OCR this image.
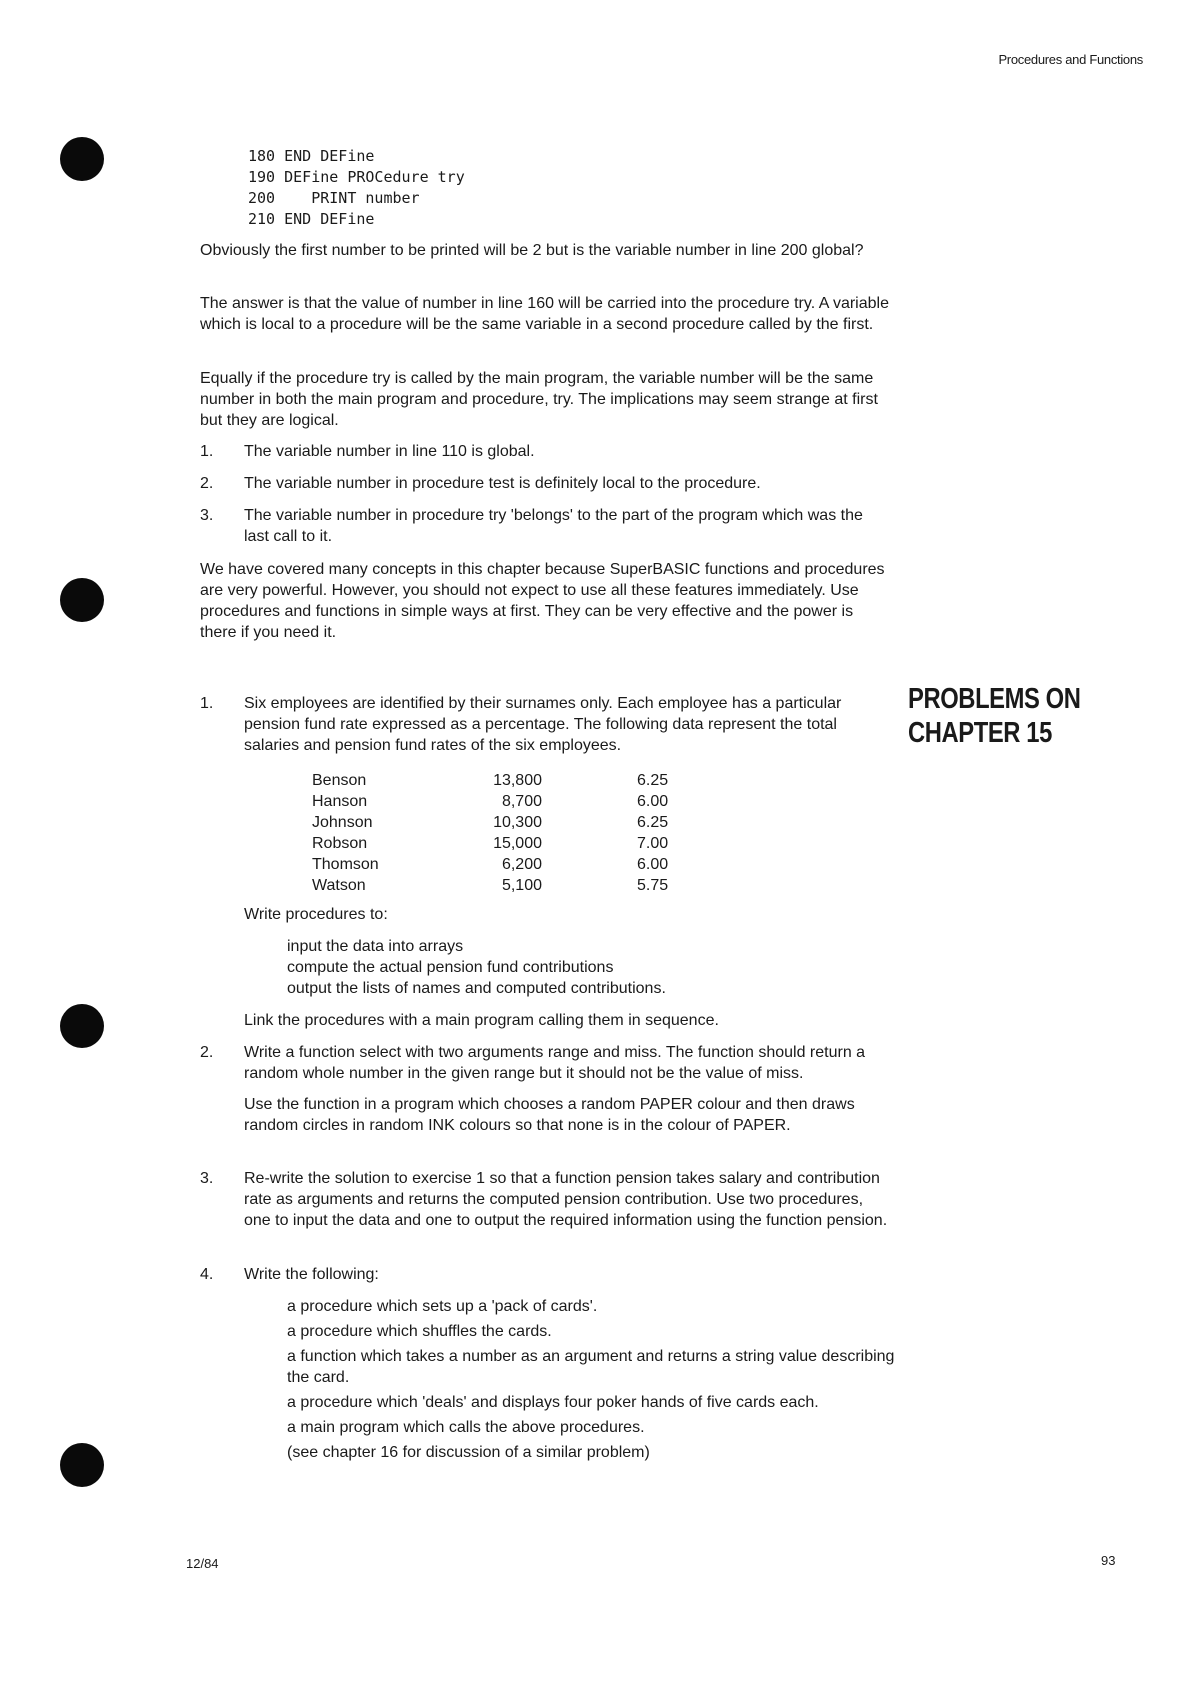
Procedures and Functions
180 END DEFine
190 DEFine PROCedure try
200    PRINT number
210 END DEFine
Obviously the first number to be printed will be 2 but is the variable number in line 200 global?
The answer is that the value of number in line 160 will be carried into the procedure try. A variable which is local to a procedure will be the same variable in a second procedure called by the first.
Equally if the procedure try is called by the main program, the variable number will be the same number in both the main program and procedure, try. The implications may seem strange at first but they are logical.
1.	The variable number in line 110 is global.
2.	The variable number in procedure test is definitely local to the procedure.
3.	The variable number in procedure try 'belongs' to the part of the program which was the last call to it.
We have covered many concepts in this chapter because SuperBASIC functions and procedures are very powerful. However, you should not expect to use all these features immediately. Use procedures and functions in simple ways at first. They can be very effective and the power is there if you need it.
PROBLEMS ON
CHAPTER 15
1.	Six employees are identified by their surnames only. Each employee has a particular pension fund rate expressed as a percentage. The following data represent the total salaries and pension fund rates of the six employees.
Benson	13,800	6.25
Hanson	8,700	6.00
Johnson	10,300	6.25
Robson	15,000	7.00
Thomson	6,200	6.00
Watson	5,100	5.75
Write procedures to:

input the data into arrays

compute the actual pension fund contributions

output the lists of names and computed contributions.

Link the procedures with a main program calling them in sequence.
2.	Write a function select with two arguments range and miss. The function should return a random whole number in the given range but it should not be the value of miss.
Use the function in a program which chooses a random PAPER colour and then draws random circles in random INK colours so that none is in the colour of PAPER.
3.	Re-write the solution to exercise 1 so that a function pension takes salary and contribution rate as arguments and returns the computed pension contribution. Use two procedures, one to input the data and one to output the required information using the function pension.
4.	Write the following:

a procedure which sets up a 'pack of cards'.

a procedure which shuffles the cards.

a function which takes a number as an argument and returns a string value describing the card.

a procedure which 'deals' and displays four poker hands of five cards each.

a main program which calls the above procedures.

(see chapter 16 for discussion of a similar problem)

12/84	93
